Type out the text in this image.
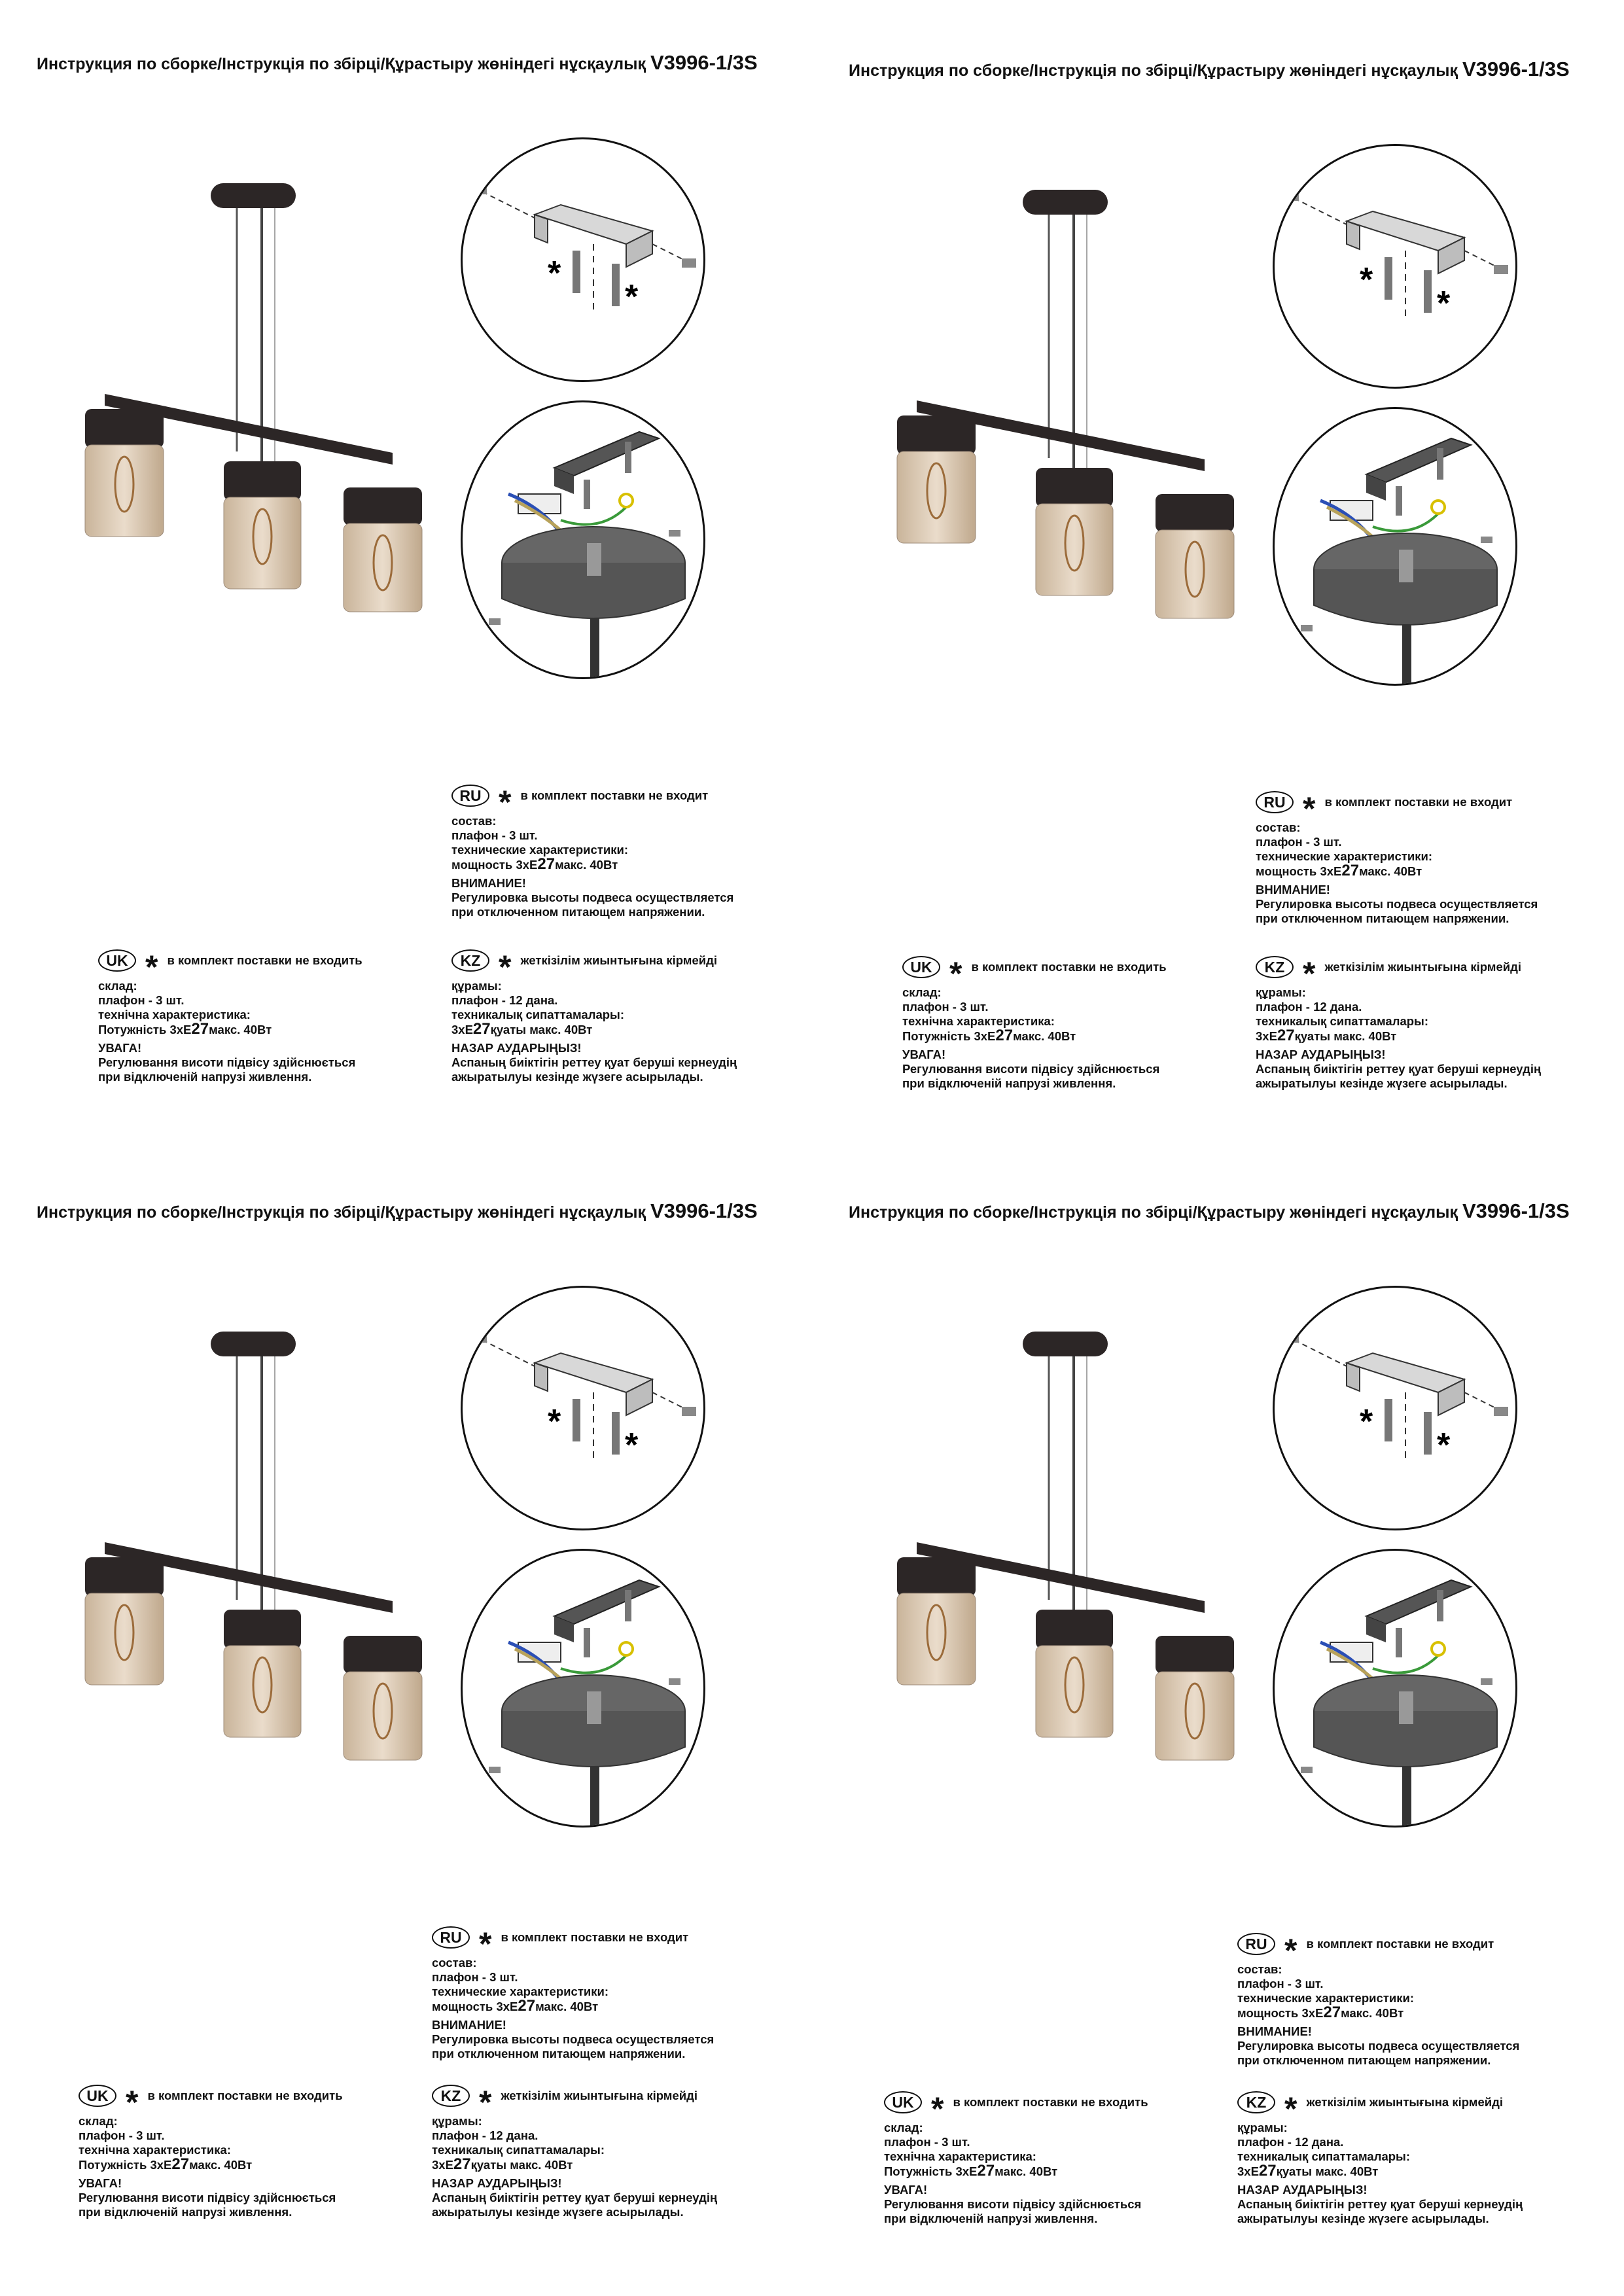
Инструкция по сборке/Інструкція по збірці/Құрастыру жөніндегі нұсқаулық V3996-1/3S
*
*
RU * в комплект поставки не входит
состав:
плафон - 3 шт.
технические характеристики:
мощность 3хЕ27макс. 40Вт
ВНИМАНИЕ!
Регулировка высоты подвеса осуществляется
при отключенном питающем напряжении.
UK * в комплект поставки не входить
склад:
плафон - 3 шт.
технічна характеристика:
Потужність 3хЕ27макс. 40Вт
УВАГА!
Регулювання висоти підвісу здійснюється
при відключеній напрузі живлення.
KZ * жеткізілім жиынтығына кірмейді
құрамы:
плафон - 12 дана.
техникалық сипаттамалары:
3хЕ27қуаты макс. 40Вт
НАЗАР АУДАРЫҢЫЗ!
Аспаның биіктігін реттеу қуат беруші кернеудің
ажыратылуы кезінде жүзеге асырылады.
Инструкция по сборке/Інструкція по збірці/Құрастыру жөніндегі нұсқаулық V3996-1/3S
*
*
RU * в комплект поставки не входит
состав:
плафон - 3 шт.
технические характеристики:
мощность 3хЕ27макс. 40Вт
ВНИМАНИЕ!
Регулировка высоты подвеса осуществляется
при отключенном питающем напряжении.
UK * в комплект поставки не входить
склад:
плафон - 3 шт.
технічна характеристика:
Потужність 3хЕ27макс. 40Вт
УВАГА!
Регулювання висоти підвісу здійснюється
при відключеній напрузі живлення.
KZ * жеткізілім жиынтығына кірмейді
құрамы:
плафон - 12 дана.
техникалық сипаттамалары:
3хЕ27қуаты макс. 40Вт
НАЗАР АУДАРЫҢЫЗ!
Аспаның биіктігін реттеу қуат беруші кернеудің
ажыратылуы кезінде жүзеге асырылады.
Инструкция по сборке/Інструкція по збірці/Құрастыру жөніндегі нұсқаулық V3996-1/3S
*
*
RU * в комплект поставки не входит
состав:
плафон - 3 шт.
технические характеристики:
мощность 3хЕ27макс. 40Вт
ВНИМАНИЕ!
Регулировка высоты подвеса осуществляется
при отключенном питающем напряжении.
UK * в комплект поставки не входить
склад:
плафон - 3 шт.
технічна характеристика:
Потужність 3хЕ27макс. 40Вт
УВАГА!
Регулювання висоти підвісу здійснюється
при відключеній напрузі живлення.
KZ * жеткізілім жиынтығына кірмейді
құрамы:
плафон - 12 дана.
техникалық сипаттамалары:
3хЕ27қуаты макс. 40Вт
НАЗАР АУДАРЫҢЫЗ!
Аспаның биіктігін реттеу қуат беруші кернеудің
ажыратылуы кезінде жүзеге асырылады.
Инструкция по сборке/Інструкція по збірці/Құрастыру жөніндегі нұсқаулық V3996-1/3S
*
*
RU * в комплект поставки не входит
состав:
плафон - 3 шт.
технические характеристики:
мощность 3хЕ27макс. 40Вт
ВНИМАНИЕ!
Регулировка высоты подвеса осуществляется
при отключенном питающем напряжении.
UK * в комплект поставки не входить
склад:
плафон - 3 шт.
технічна характеристика:
Потужність 3хЕ27макс. 40Вт
УВАГА!
Регулювання висоти підвісу здійснюється
при відключеній напрузі живлення.
KZ * жеткізілім жиынтығына кірмейді
құрамы:
плафон - 12 дана.
техникалық сипаттамалары:
3хЕ27қуаты макс. 40Вт
НАЗАР АУДАРЫҢЫЗ!
Аспаның биіктігін реттеу қуат беруші кернеудің
ажыратылуы кезінде жүзеге асырылады.
